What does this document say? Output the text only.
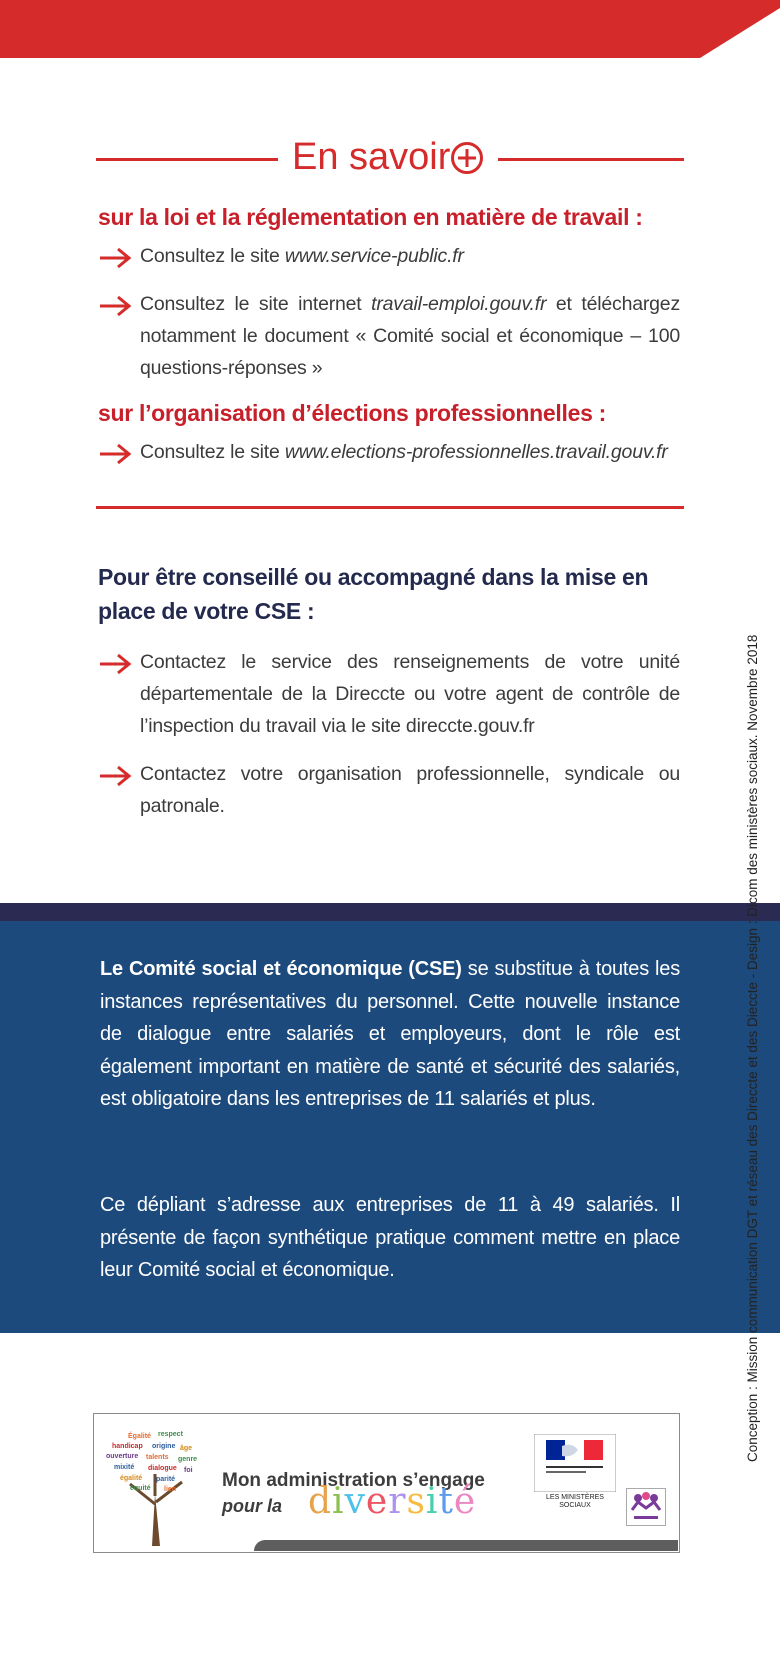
En savoir
sur la loi et la réglementation en matière de travail :
Consultez le site www.service-public.fr
Consultez le site internet travail-emploi.gouv.fr et téléchargez notamment le document « Comité social et économique – 100 questions-réponses »
sur l’organisation d’élections professionnelles :
Consultez le site www.elections-professionnelles.travail.gouv.fr
Pour être conseillé ou accompagné dans la mise en
place de votre CSE :
Contactez le service des renseignements de votre unité départementale de la Direccte ou votre agent de contrôle de l’inspection du travail via le site direccte.gouv.fr
Contactez votre organisation professionnelle, syndicale ou patronale.

Le Comité social et économique (CSE) se substitue à toutes les instances représentatives du personnel. Cette nouvelle instance de dialogue entre salariés et employeurs, dont le rôle est également important en matière de santé et sécurité des salariés, est obligatoire dans les entreprises de 11 salariés et plus.

Ce dépliant s’adresse aux entreprises de 11 à 49 salariés. Il présente de façon synthétique pratique comment mettre en place leur Comité social et économique.	Conception : Mission communication DGT et réseau des Direccte et des Dieccte - Design : Dicom des ministères sociaux. Novembre 2018
Égalité respect
handicap origine âge
ouverture talents genre
mixité dialogue foi
égalité parité
équité lien Mon administration s’engage
pour la diversité	LES MINISTÈRES SOCIAUX
